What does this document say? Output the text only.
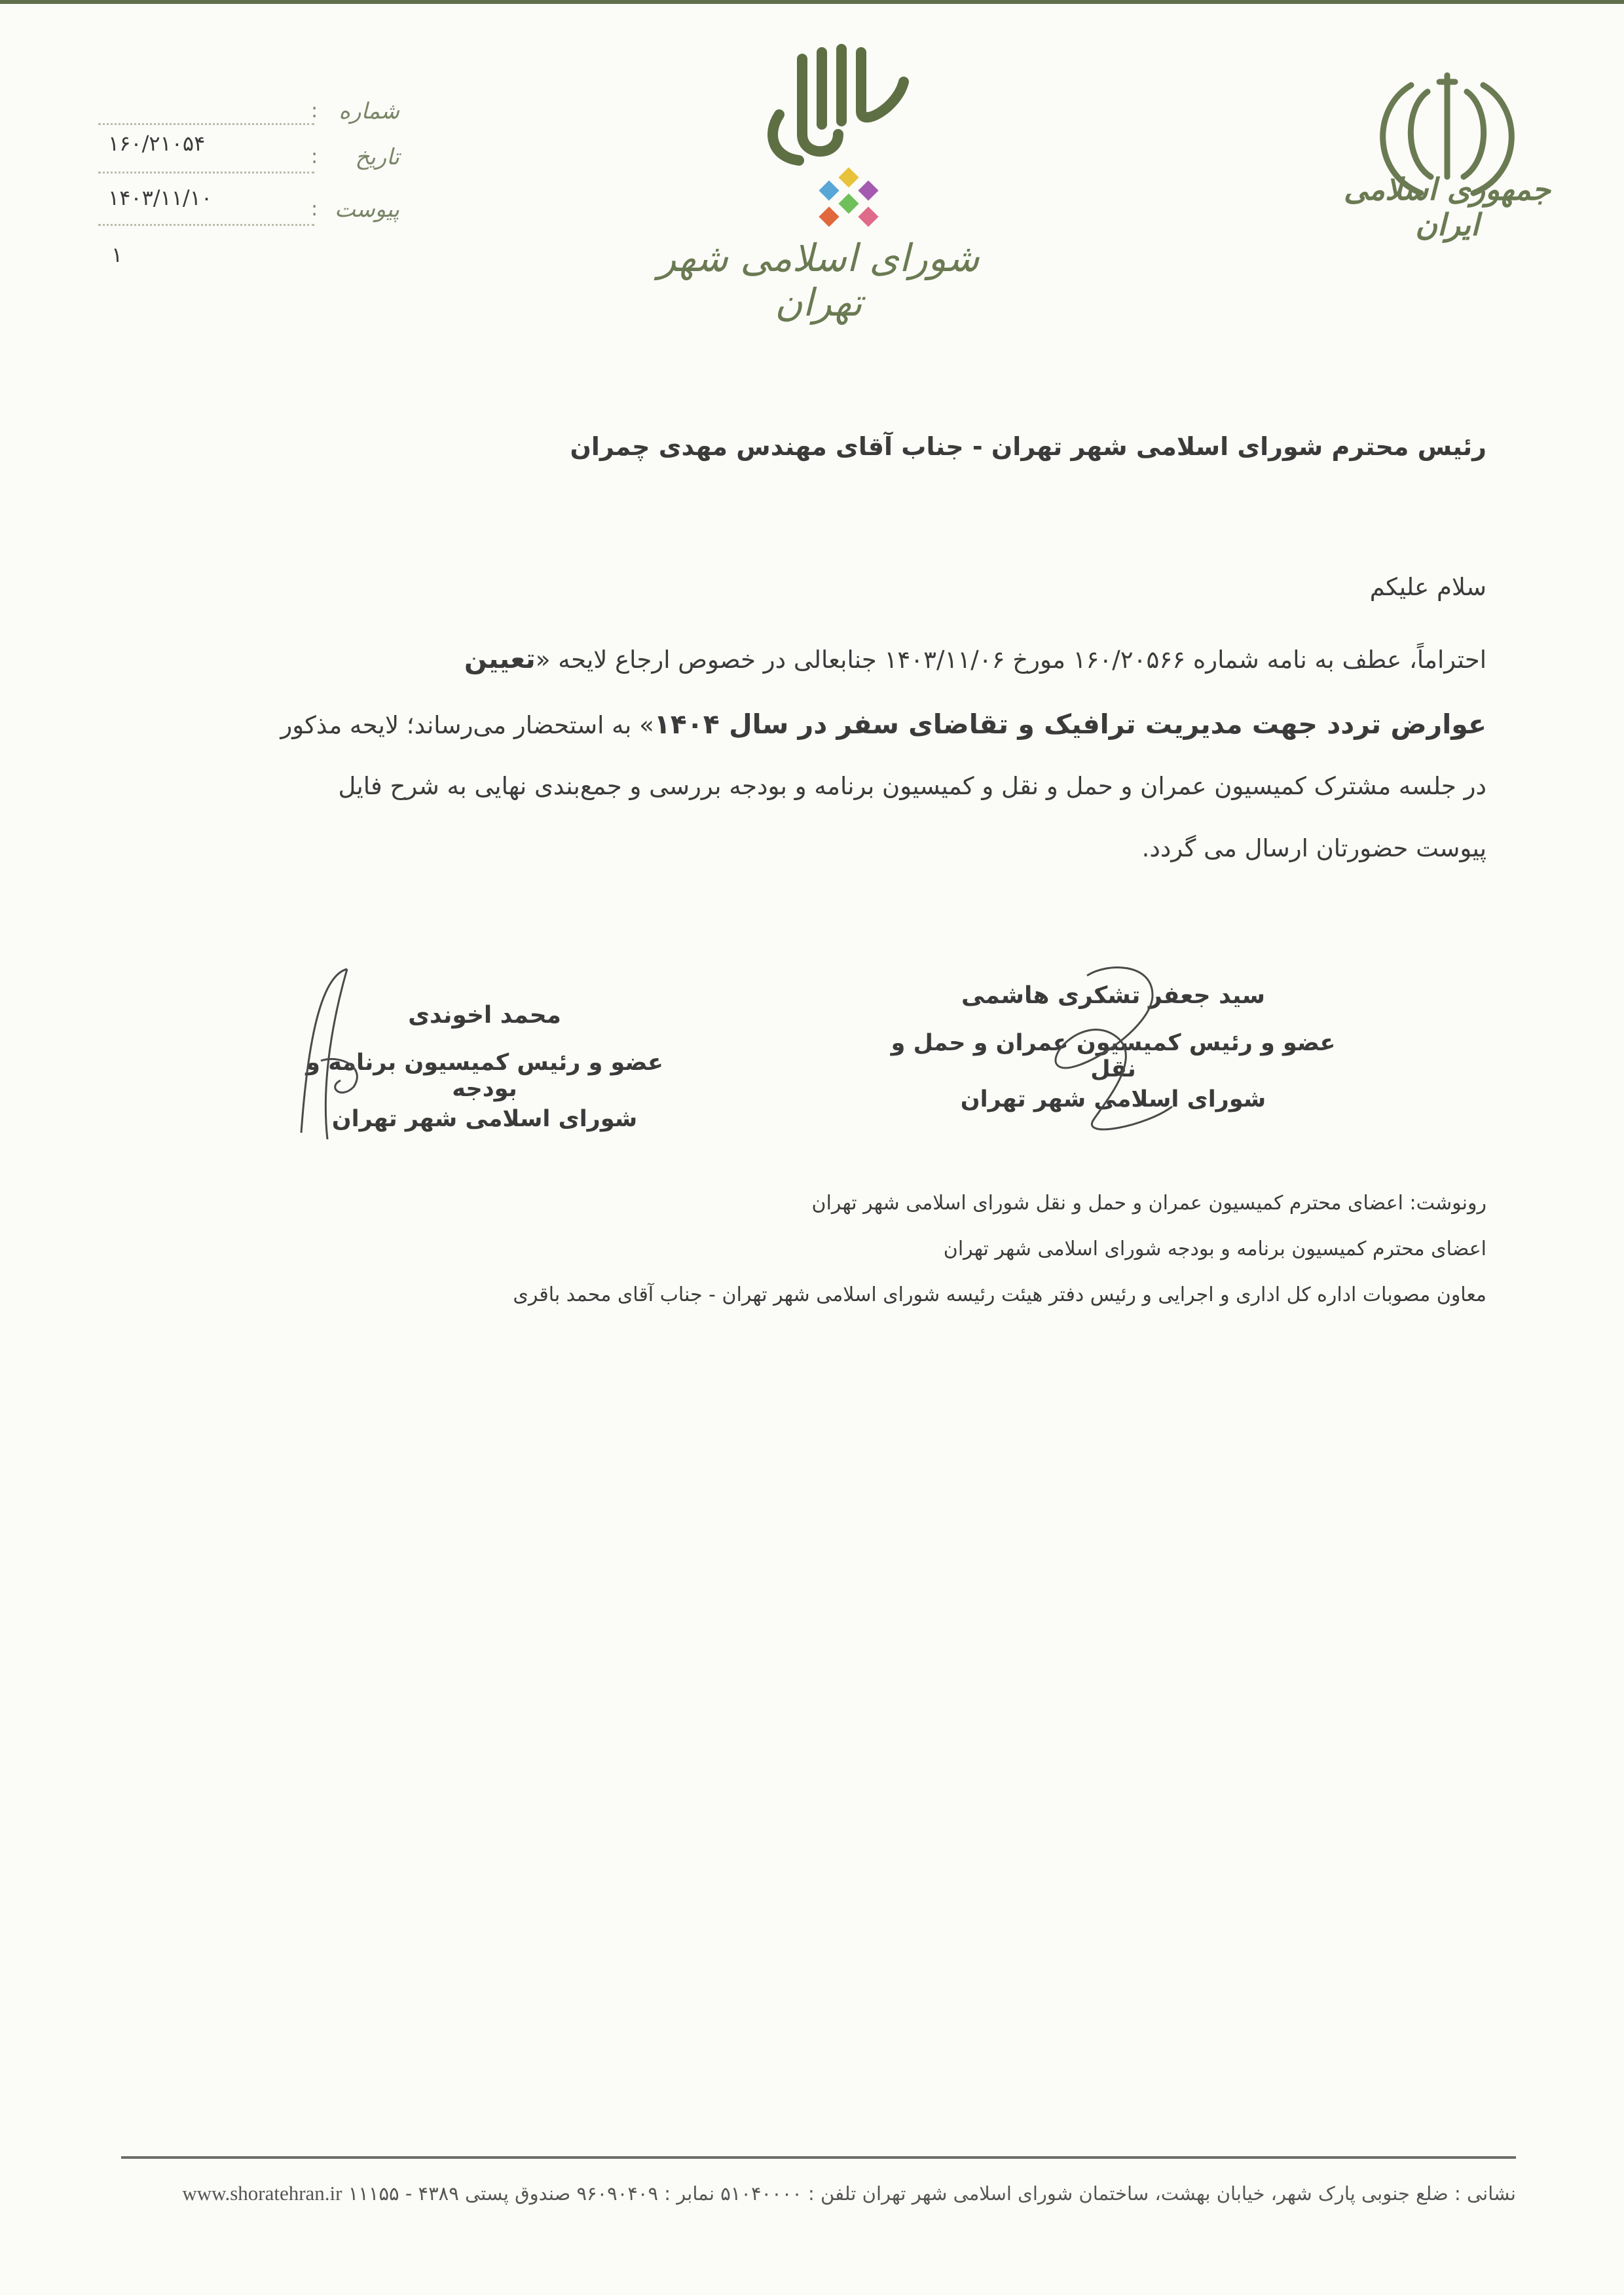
جمهوری اسلامی ایران
شورای اسلامی شهر تهران
شماره
:
۱۶۰/۲۱۰۵۴
تاریخ
:
۱۴۰۳/۱۱/۱۰	پیوست
:
۱
رئیس محترم شورای اسلامی شهر تهران - جناب آقای مهندس مهدی چمران
سلام علیکم
احتراماً، عطف به نامه شماره ۱۶۰/۲۰۵۶۶ مورخ ۱۴۰۳/۱۱/۰۶ جنابعالی در خصوص ارجاع لایحه «تعیین
عوارض تردد جهت مدیریت ترافیک و تقاضای سفر در سال ۱۴۰۴» به استحضار می‌رساند؛ لایحه مذکور
در جلسه مشترک کمیسیون عمران و حمل و نقل و کمیسیون برنامه و بودجه بررسی و جمع‌بندی نهایی به شرح فایل
پیوست حضورتان ارسال می گردد.
سید جعفر تشکری هاشمی
عضو و رئیس کمیسیون عمران و حمل و نقل
شورای اسلامی شهر تهران
محمد اخوندی
عضو و رئیس کمیسیون برنامه و بودجه
شورای اسلامی شهر تهران
رونوشت: اعضای محترم کمیسیون عمران و حمل و نقل شورای اسلامی شهر تهران
اعضای محترم کمیسیون برنامه و بودجه شورای اسلامی شهر تهران
معاون مصوبات اداره کل اداری و اجرایی و رئیس دفتر هیئت رئیسه شورای اسلامی شهر تهران - جناب آقای محمد باقری
نشانی : ضلع جنوبی پارک شهر، خیابان بهشت، ساختمان شورای اسلامی شهر تهران تلفن : ۵۱۰۴۰۰۰۰ نمابر : ۹۶۰۹۰۴۰۹ صندوق پستی ۴۳۸۹ - ۱۱۱۵۵ www.shoratehran.ir
